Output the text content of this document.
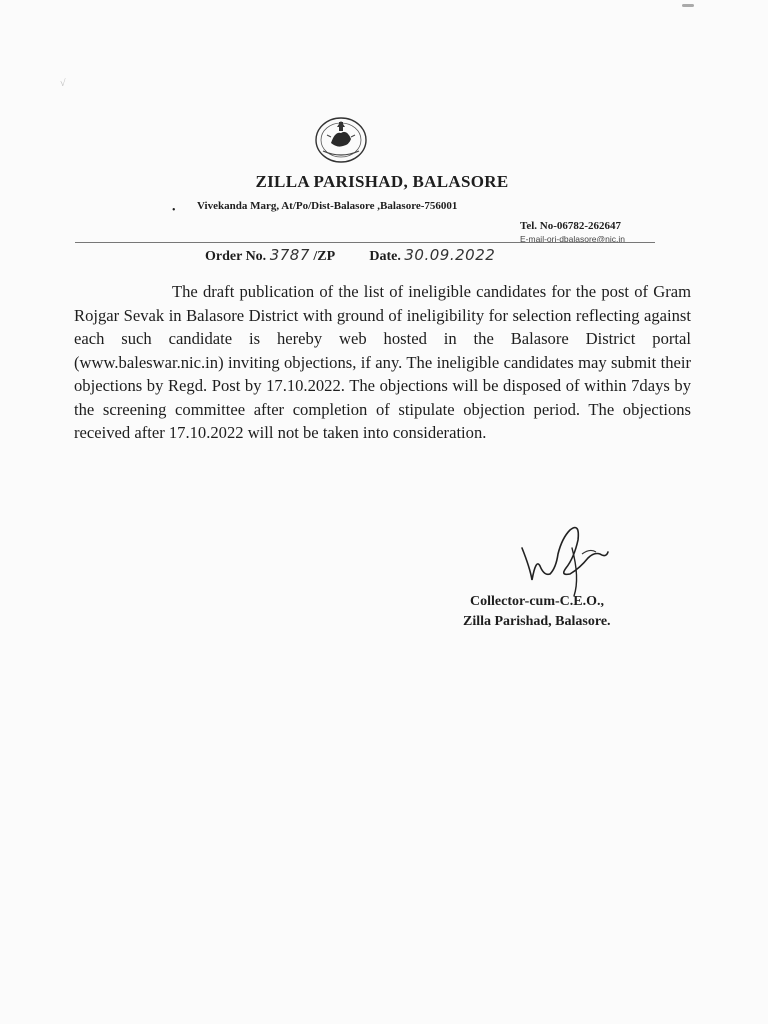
√
ZILLA PARISHAD, BALASORE
• Vivekanda Marg, At/Po/Dist-Balasore ,Balasore-756001
Tel. No-06782-262647
E-mail-ori-dbalasore@nic.in
Order No. 3787 /ZP	Date. 30.09.2022

The draft publication of the list of ineligible candidates for the post of Gram Rojgar Sevak in Balasore District with ground of ineligibility for selection reflecting against each such candidate is hereby web hosted in the Balasore District portal (www.baleswar.nic.in) inviting objections, if any. The ineligible candidates may submit their objections by Regd. Post by 17.10.2022. The objections will be disposed of within 7days by the screening committee after completion of stipulate objection period. The objections received after 17.10.2022 will not be taken into consideration.

Collector-cum-C.E.O.,
Zilla Parishad, Balasore.
